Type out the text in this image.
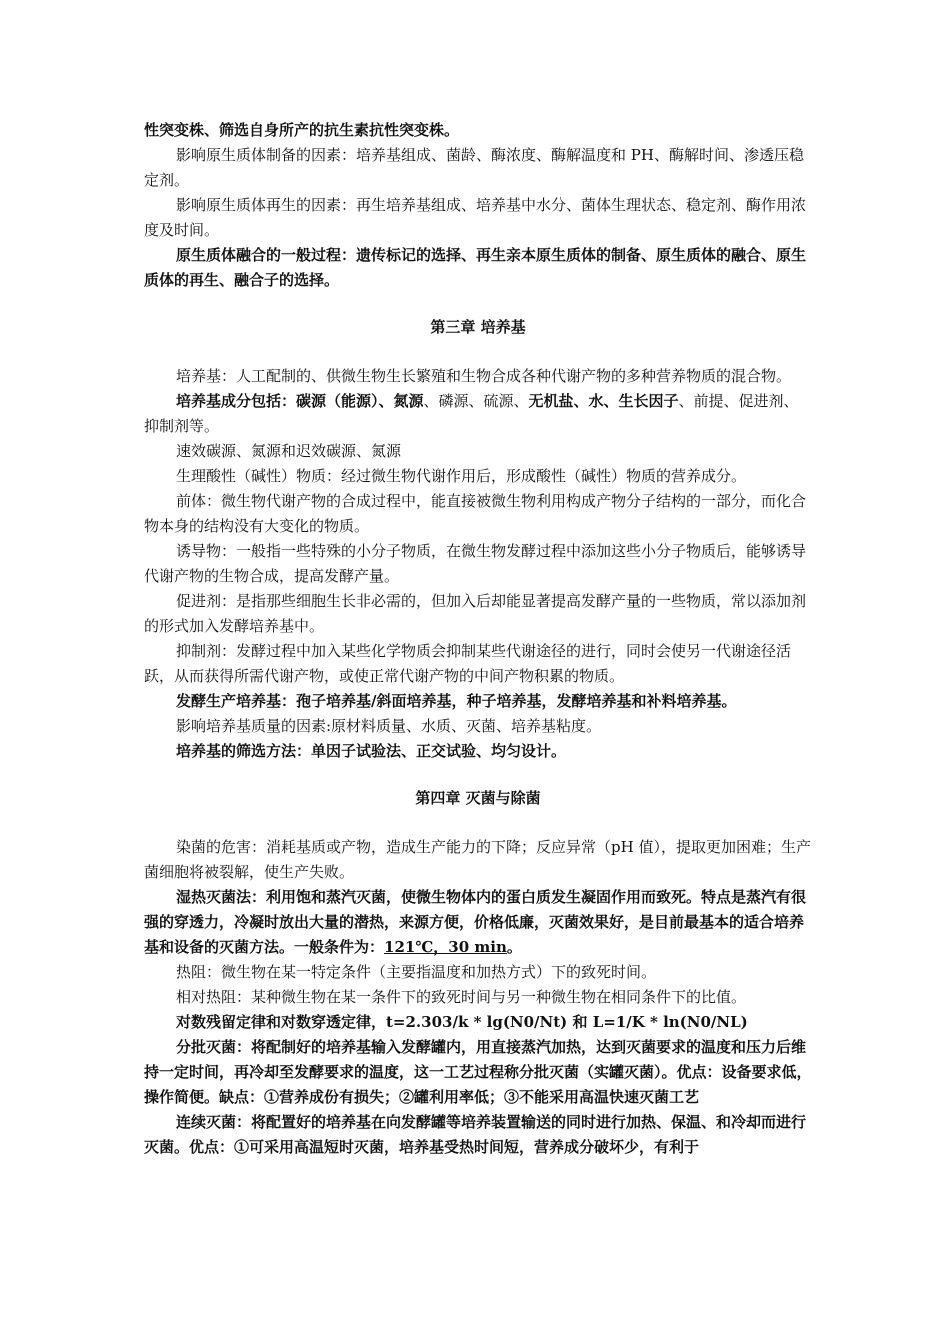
性突变株、筛选自身所产的抗生素抗性突变株。

影响原生质体制备的因素：培养基组成、菌龄、酶浓度、酶解温度和 PH、酶解时间、渗透压稳定剂。

影响原生质体再生的因素：再生培养基组成、培养基中水分、菌体生理状态、稳定剂、酶作用浓度及时间。

原生质体融合的一般过程：遗传标记的选择、再生亲本原生质体的制备、原生质体的融合、原生质体的再生、融合子的选择。

第三章 培养基

培养基：人工配制的、供微生物生长繁殖和生物合成各种代谢产物的多种营养物质的混合物。

培养基成分包括：碳源（能源）、氮源、磷源、硫源、无机盐、水、生长因子、前提、促进剂、抑制剂等。

速效碳源、氮源和迟效碳源、氮源

生理酸性（碱性）物质：经过微生物代谢作用后，形成酸性（碱性）物质的营养成分。

前体：微生物代谢产物的合成过程中，能直接被微生物利用构成产物分子结构的一部分，而化合物本身的结构没有大变化的物质。

诱导物：一般指一些特殊的小分子物质，在微生物发酵过程中添加这些小分子物质后，能够诱导代谢产物的生物合成，提高发酵产量。

促进剂：是指那些细胞生长非必需的，但加入后却能显著提高发酵产量的一些物质，常以添加剂的形式加入发酵培养基中。

抑制剂：发酵过程中加入某些化学物质会抑制某些代谢途径的进行，同时会使另一代谢途径活跃，从而获得所需代谢产物，或使正常代谢产物的中间产物积累的物质。

发酵生产培养基：孢子培养基/斜面培养基，种子培养基，发酵培养基和补料培养基。

影响培养基质量的因素:原材料质量、水质、灭菌、培养基粘度。

培养基的筛选方法：单因子试验法、正交试验、均匀设计。

第四章 灭菌与除菌

染菌的危害：消耗基质或产物，造成生产能力的下降；反应异常（pH 值），提取更加困难；生产菌细胞将被裂解，使生产失败。

湿热灭菌法：利用饱和蒸汽灭菌，使微生物体内的蛋白质发生凝固作用而致死。特点是蒸汽有很强的穿透力，冷凝时放出大量的潜热，来源方便，价格低廉，灭菌效果好，是目前最基本的适合培养基和设备的灭菌方法。一般条件为：121℃，30 min。

热阻：微生物在某一特定条件（主要指温度和加热方式）下的致死时间。

相对热阻：某种微生物在某一条件下的致死时间与另一种微生物在相同条件下的比值。

对数残留定律和对数穿透定律，t=2.303/k * lg(N0/Nt) 和 L=1/K * ln(N0/NL)

分批灭菌：将配制好的培养基输入发酵罐内，用直接蒸汽加热，达到灭菌要求的温度和压力后维持一定时间，再冷却至发酵要求的温度，这一工艺过程称分批灭菌（实罐灭菌）。优点：设备要求低，操作简便。缺点：①营养成份有损失；②罐利用率低；③不能采用高温快速灭菌工艺

连续灭菌：将配置好的培养基在向发酵罐等培养装置输送的同时进行加热、保温、和冷却而进行灭菌。优点：①可采用高温短时灭菌，培养基受热时间短，营养成分破坏少，有利于
